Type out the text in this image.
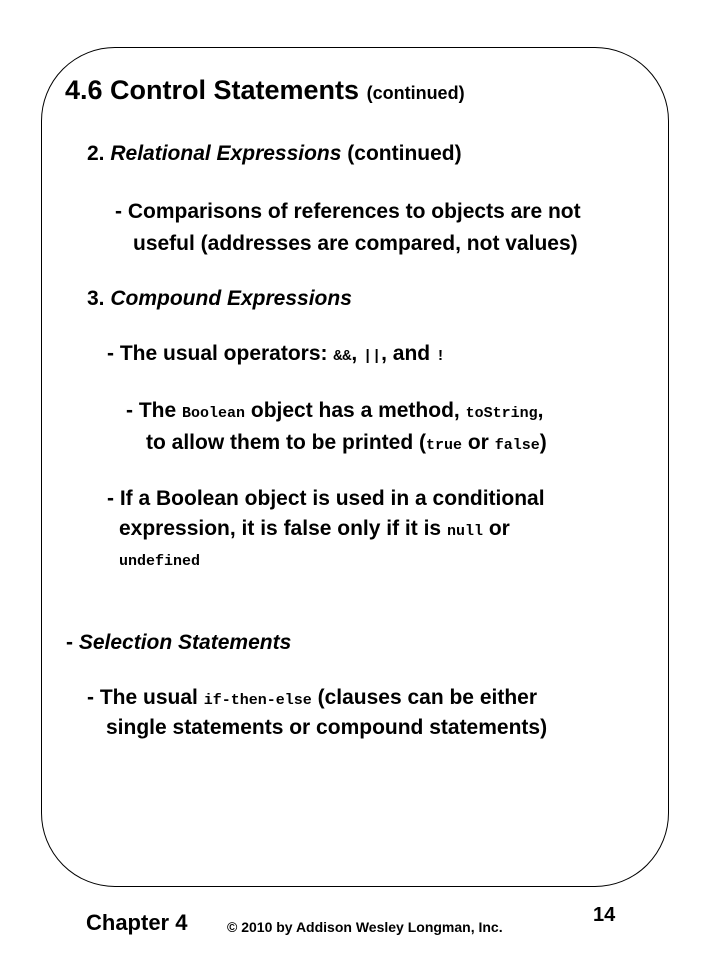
4.6 Control Statements (continued)
2. Relational Expressions (continued)
- Comparisons of references to objects are not
useful (addresses are compared, not values)
3. Compound Expressions
- The usual operators: &&, ||, and !
- The Boolean object has a method, toString,
to allow them to be printed (true or false)
- If a Boolean object is used in a conditional
expression, it is false only if it is null or
undefined
- Selection Statements
- The usual if-then-else (clauses can be either
single statements or compound statements)
Chapter 4	© 2010 by Addison Wesley Longman, Inc.
14
